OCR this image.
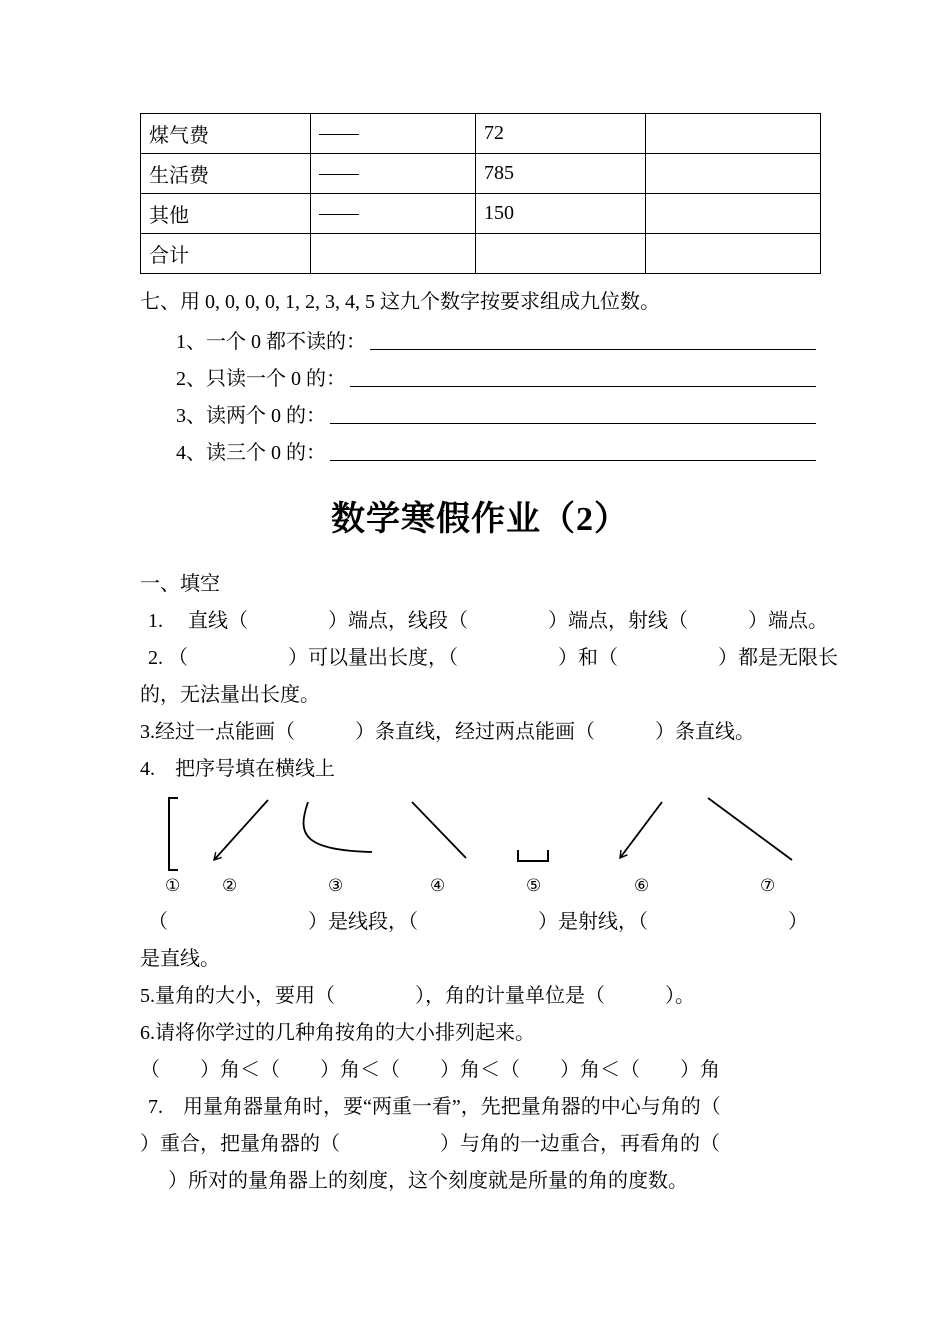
煤气费	——	72	
生活费	——	785	
其他	——	150	
合计			

七、用 0, 0, 0, 0, 1, 2, 3, 4, 5 这九个数字按要求组成九位数。

1、一个 0 都不读的：
2、只读一个 0 的：
3、读两个 0 的：
4、读三个 0 的：
数学寒假作业（2）

一、填空

1.　 直线（　　　　）端点，线段（　　　　）端点，射线（　　　）端点。

2. （　　　　　）可以量出长度，（　　　　　）和（　　　　　）都是无限长

的，无法量出长度。

3.经过一点能画（　　　）条直线，经过两点能画（　　　）条直线。

4.　把序号填在横线上

① ②	③	④	⑤	⑥	⑦

（　　　　　　　）是线段，（　　　　　　）是射线，（　　　　　　　）

是直线。

5.量角的大小，要用（　　　　），角的计量单位是（　　　）。

6.请将你学过的几种角按角的大小排列起来。

（　　）角＜（　　）角＜（　　）角＜（　　）角＜（　　）角

7.　用量角器量角时，要“两重一看”，先把量角器的中心与角的（

）重合，把量角器的（　　　　　）与角的一边重合，再看角的（

　）所对的量角器上的刻度，这个刻度就是所量的角的度数。
